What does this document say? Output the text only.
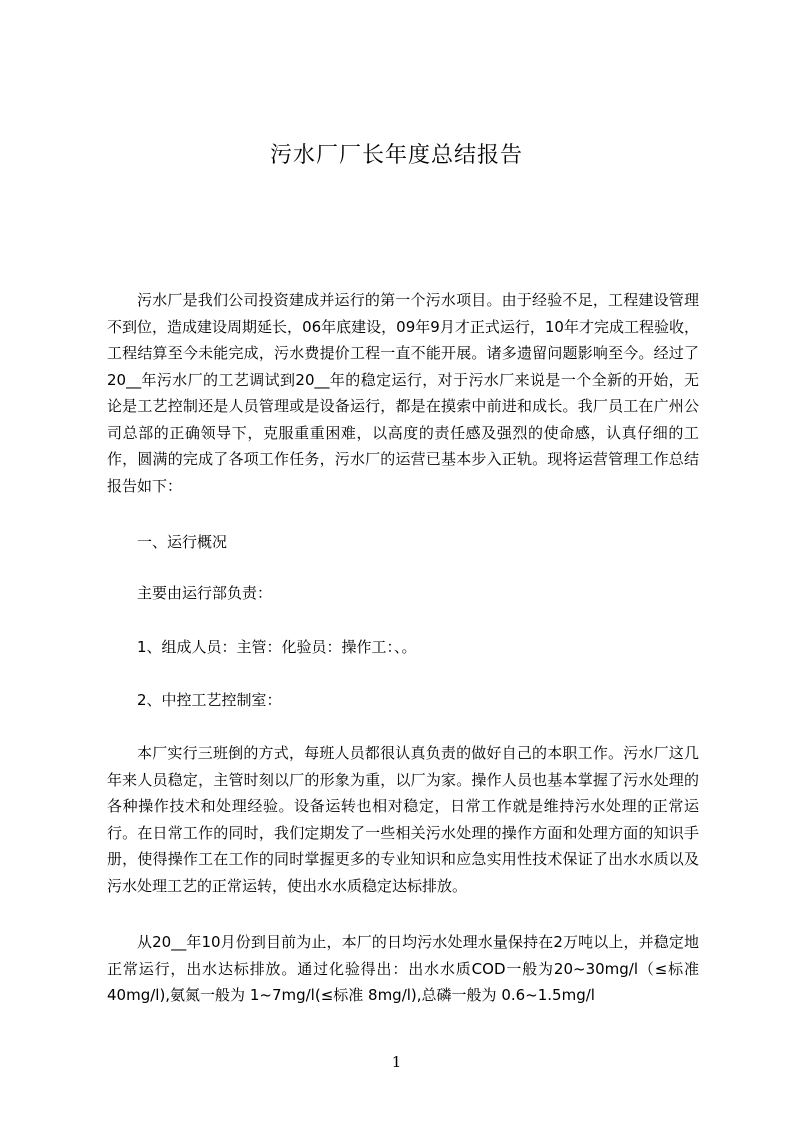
污水厂厂长年度总结报告

污水厂是我们公司投资建成并运行的第一个污水项目。由于经验不足，工程建设管理不到位，造成建设周期延长，06年底建设，09年9月才正式运行，10年才完成工程验收，工程结算至今未能完成，污水费提价工程一直不能开展。诸多遗留问题影响至今。经过了20__年污水厂的工艺调试到20__年的稳定运行，对于污水厂来说是一个全新的开始，无论是工艺控制还是人员管理或是设备运行，都是在摸索中前进和成长。我厂员工在广州公司总部的正确领导下，克服重重困难，以高度的责任感及强烈的使命感，认真仔细的工作，圆满的完成了各项工作任务，污水厂的运营已基本步入正轨。现将运营管理工作总结报告如下：

一、运行概况

主要由运行部负责：

1、组成人员：主管：化验员：操作工：、。

2、中控工艺控制室：

本厂实行三班倒的方式，每班人员都很认真负责的做好自己的本职工作。污水厂这几年来人员稳定，主管时刻以厂的形象为重，以厂为家。操作人员也基本掌握了污水处理的各种操作技术和处理经验。设备运转也相对稳定，日常工作就是维持污水处理的正常运行。在日常工作的同时，我们定期发了一些相关污水处理的操作方面和处理方面的知识手册，使得操作工在工作的同时掌握更多的专业知识和应急实用性技术保证了出水水质以及污水处理工艺的正常运转，使出水水质稳定达标排放。

从20__年10月份到目前为止，本厂的日均污水处理水量保持在2万吨以上，并稳定地正常运行，出水达标排放。通过化验得出：出水水质COD一般为20~30mg/l（≤标准40mg/l),氨氮一般为 1~7mg/l(≤标准 8mg/l),总磷一般为 0.6~1.5mg/l

1
